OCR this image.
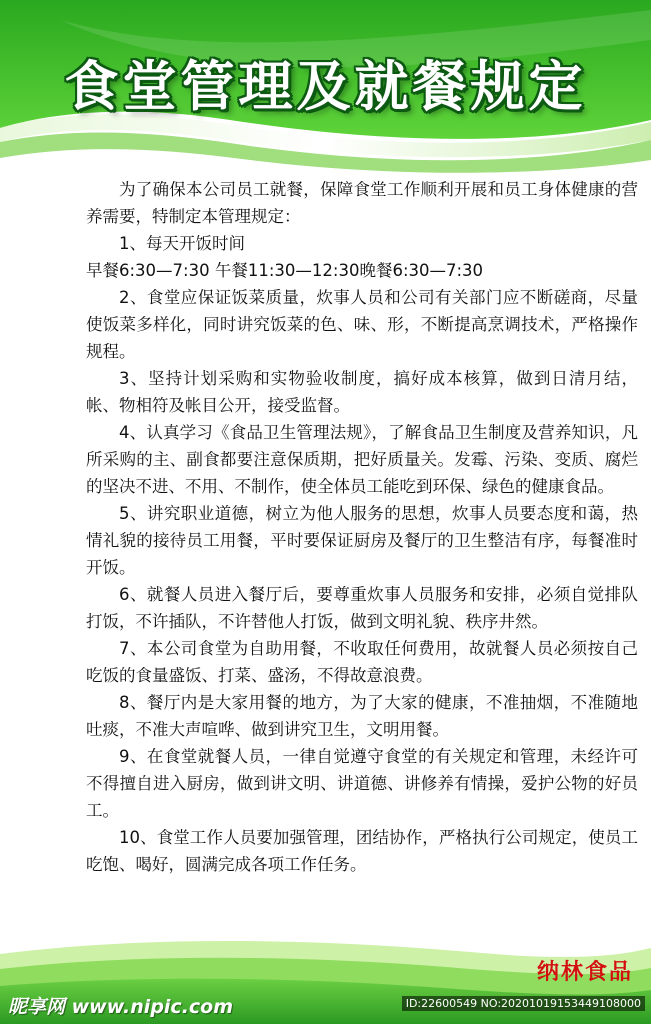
食堂管理及就餐规定

为了确保本公司员工就餐，保障食堂工作顺利开展和员工身体健康的营养需要，特制定本管理规定：

1、每天开饭时间

早餐6:30—7:30 午餐11:30—12:30晚餐6:30—7:30

2、食堂应保证饭菜质量，炊事人员和公司有关部门应不断磋商，尽量使饭菜多样化，同时讲究饭菜的色、味、形，不断提高烹调技术，严格操作规程。

3、坚持计划采购和实物验收制度，搞好成本核算，做到日清月结，帐、物相符及帐目公开，接受监督。

4、认真学习《食品卫生管理法规》，了解食品卫生制度及营养知识，凡所采购的主、副食都要注意保质期，把好质量关。发霉、污染、变质、腐烂的坚决不进、不用、不制作，使全体员工能吃到环保、绿色的健康食品。

5、讲究职业道德，树立为他人服务的思想，炊事人员要态度和蔼，热情礼貌的接待员工用餐，平时要保证厨房及餐厅的卫生整洁有序，每餐准时开饭。

6、就餐人员进入餐厅后，要尊重炊事人员服务和安排，必须自觉排队打饭，不许插队，不许替他人打饭，做到文明礼貌、秩序井然。

7、本公司食堂为自助用餐，不收取任何费用，故就餐人员必须按自己吃饭的食量盛饭、打菜、盛汤，不得故意浪费。

8、餐厅内是大家用餐的地方，为了大家的健康，不准抽烟，不准随地吐痰，不准大声喧哗、做到讲究卫生，文明用餐。

9、在食堂就餐人员，一律自觉遵守食堂的有关规定和管理，未经许可不得擅自进入厨房，做到讲文明、讲道德、讲修养有情操，爱护公物的好员工。

10、食堂工作人员要加强管理，团结协作，严格执行公司规定，使员工吃饱、喝好，圆满完成各项工作任务。

纳林食品
昵享网 www.nipic.com	ID:22600549 NO:20201019153449108000
